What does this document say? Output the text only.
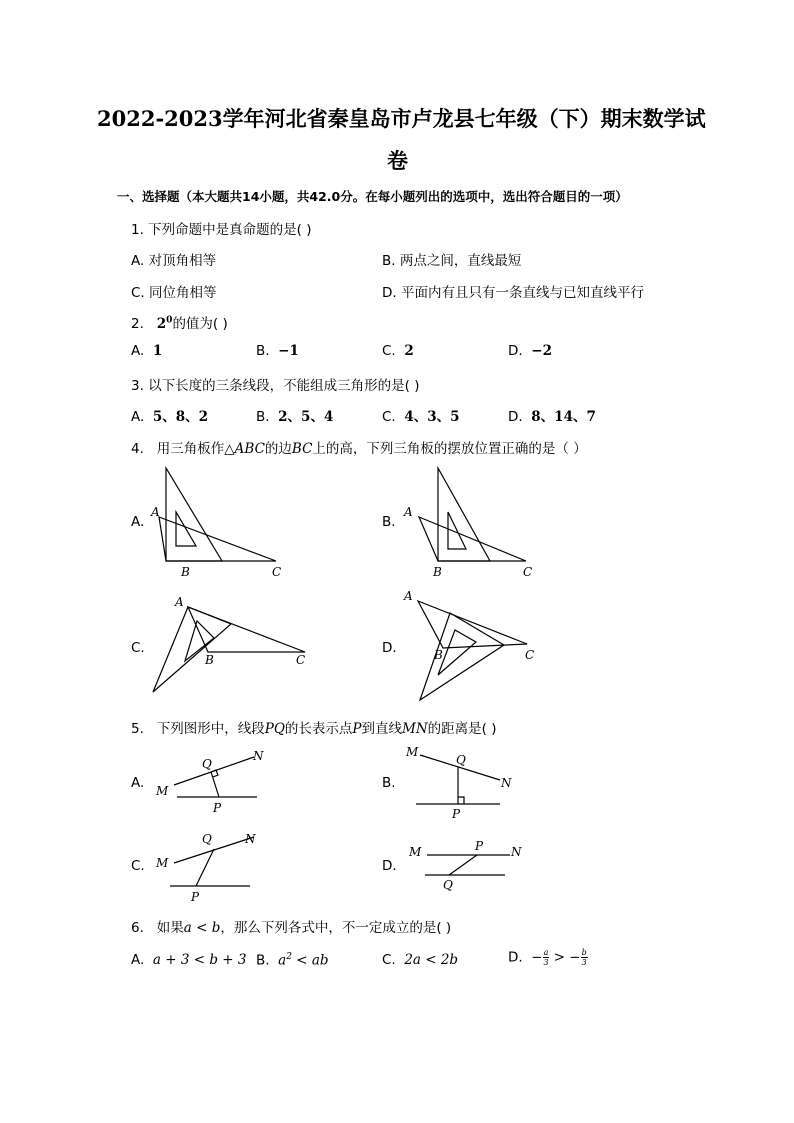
2022-2023学年河北省秦皇岛市卢龙县七年级（下）期末数学试
卷
一、选择题（本大题共14小题，共42.0分。在每小题列出的选项中，选出符合题目的一项）
1. 下列命题中是真命题的是( )
A. 对顶角相等	B. 两点之间，直线最短
C. 同位角相等	D. 平面内有且只有一条直线与已知直线平行
2. $2^0$的值为( )
A. 1	B. −1	C. 2	D. −2
3. 以下长度的三条线段，不能组成三角形的是( )
A. 5、8、2	B. 2、5、4	C. 4、3、5	D. 8、14、7
4. 用三角板作△ABC的边BC上的高，下列三角板的摆放位置正确的是（ ）
A.	B.
C.	D.
A
B	C
A
B	C
A
B	C
A
B	C
5. 下列图形中，线段PQ的长表示点P到直线MN的距离是( )
A.	B.
C.	D.
M
Q
N
P
M
Q
N
P
M
Q	N
P
M	P N
Q
6. 如果a < b，那么下列各式中，不一定成立的是( )
A. a + 3 < b + 3 B. $a^2$ < ab	C. 2a < 2b	D. − $\frac{a}{3}$ > − $\frac{b}{3}$
